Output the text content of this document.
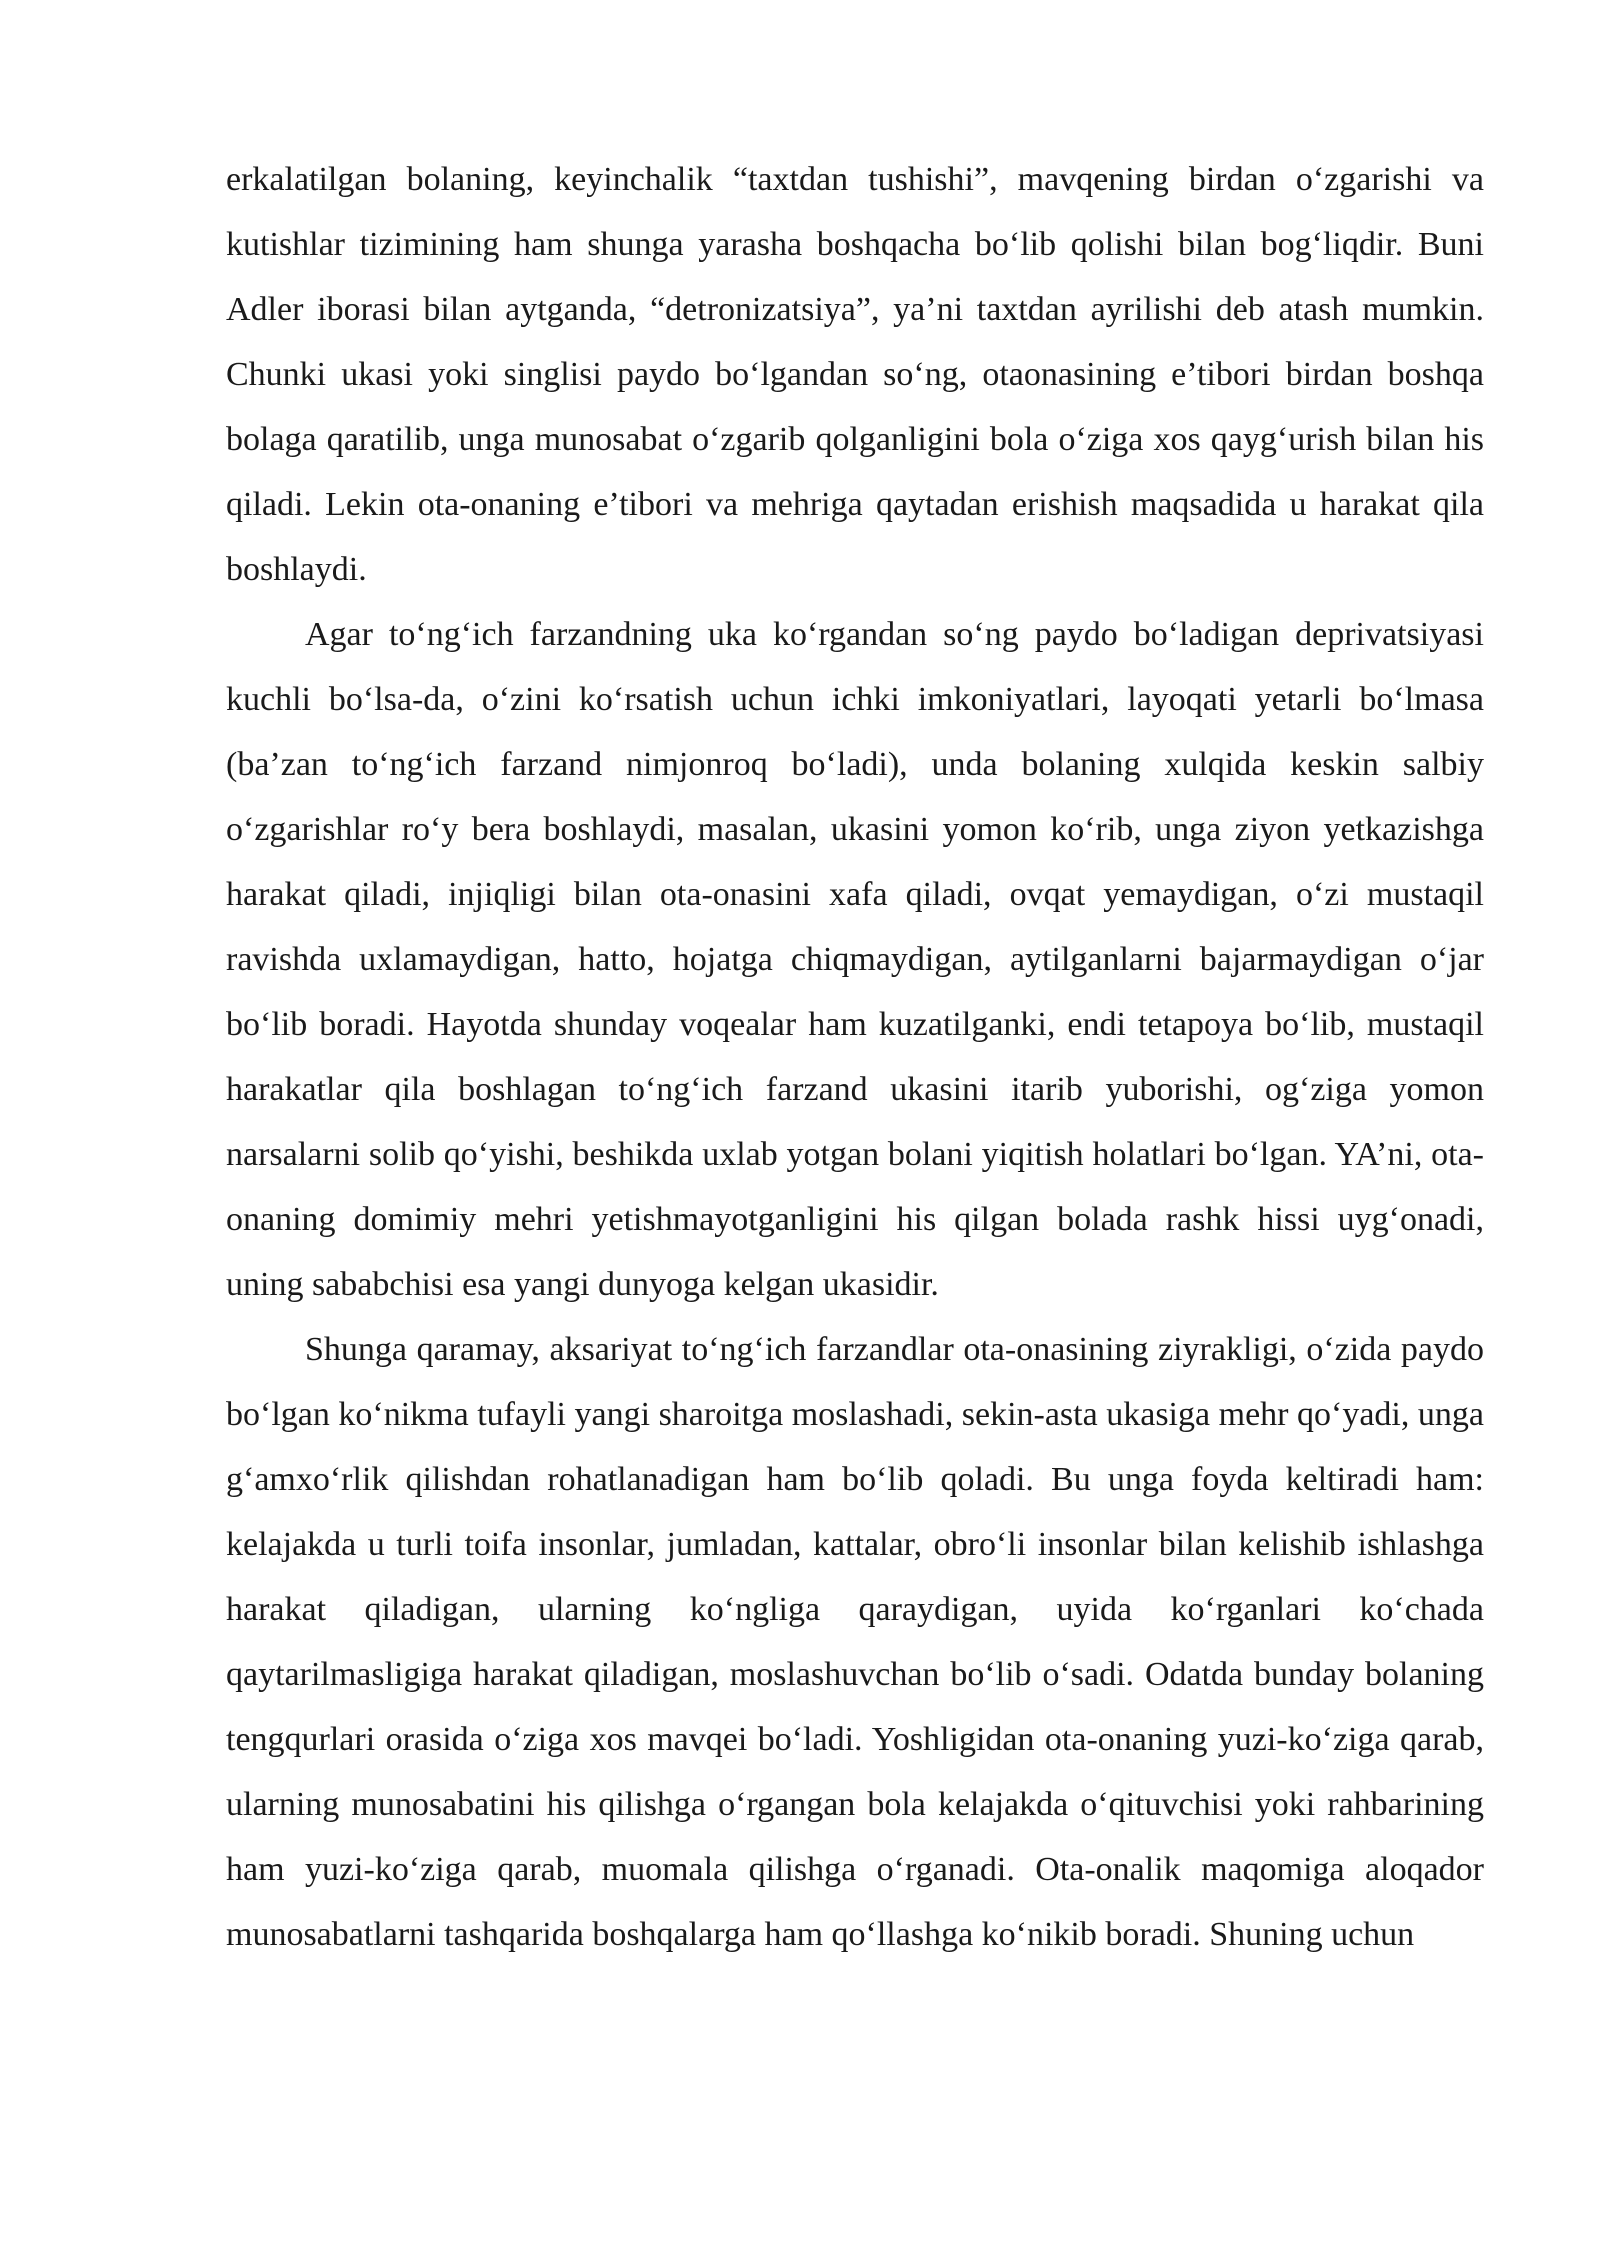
erkalatilgan bolaning, keyinchalik “taxtdan tushishi”, mavqening birdan o‘zgarishi va kutishlar tizimining ham shunga yarasha boshqacha bo‘lib qolishi bilan bog‘liqdir. Buni Adler iborasi bilan aytganda, “detronizatsiya”, ya’ni taxtdan ayrilishi deb atash mumkin. Chunki ukasi yoki singlisi paydo bo‘lgandan so‘ng, otaonasining e’tibori birdan boshqa bolaga qaratilib, unga munosabat o‘zgarib qolganligini bola o‘ziga xos qayg‘urish bilan his qiladi. Lekin ota-onaning e’tibori va mehriga qaytadan erishish maqsadida u harakat qila boshlaydi.

Agar to‘ng‘ich farzandning uka ko‘rgandan so‘ng paydo bo‘ladigan deprivatsiyasi kuchli bo‘lsa-da, o‘zini ko‘rsatish uchun ichki imkoniyatlari, layoqati yetarli bo‘lmasa (ba’zan to‘ng‘ich farzand nimjonroq bo‘ladi), unda bolaning xulqida keskin salbiy o‘zgarishlar ro‘y bera boshlaydi, masalan, ukasini yomon ko‘rib, unga ziyon yetkazishga harakat qiladi, injiqligi bilan ota-onasini xafa qiladi, ovqat yemaydigan, o‘zi mustaqil ravishda uxlamaydigan, hatto, hojatga chiqmaydigan, aytilganlarni bajarmaydigan o‘jar bo‘lib boradi. Hayotda shunday voqealar ham kuzatilganki, endi tetapoya bo‘lib, mustaqil harakatlar qila boshlagan to‘ng‘ich farzand ukasini itarib yuborishi, og‘ziga yomon narsalarni solib qo‘yishi, beshikda uxlab yotgan bolani yiqitish holatlari bo‘lgan. YA’ni, ota-onaning domimiy mehri yetishmayotganligini his qilgan bolada rashk hissi uyg‘onadi, uning sababchisi esa yangi dunyoga kelgan ukasidir.

Shunga qaramay, aksariyat to‘ng‘ich farzandlar ota-onasining ziyrakligi, o‘zida paydo bo‘lgan ko‘nikma tufayli yangi sharoitga moslashadi, sekin-asta ukasiga mehr qo‘yadi, unga g‘amxo‘rlik qilishdan rohatlanadigan ham bo‘lib qoladi. Bu unga foyda keltiradi ham: kelajakda u turli toifa insonlar, jumladan, kattalar, obro‘li insonlar bilan kelishib ishlashga harakat qiladigan, ularning ko‘ngliga qaraydigan, uyida ko‘rganlari ko‘chada qaytarilmasligiga harakat qiladigan, moslashuvchan bo‘lib o‘sadi. Odatda bunday bolaning tengqurlari orasida o‘ziga xos mavqei bo‘ladi. Yoshligidan ota-onaning yuzi-ko‘ziga qarab, ularning munosabatini his qilishga o‘rgangan bola kelajakda o‘qituvchisi yoki rahbarining ham yuzi-ko‘ziga qarab, muomala qilishga o‘rganadi. Ota-onalik maqomiga aloqador munosabatlarni tashqarida boshqalarga ham qo‘llashga ko‘nikib boradi. Shuning uchun
